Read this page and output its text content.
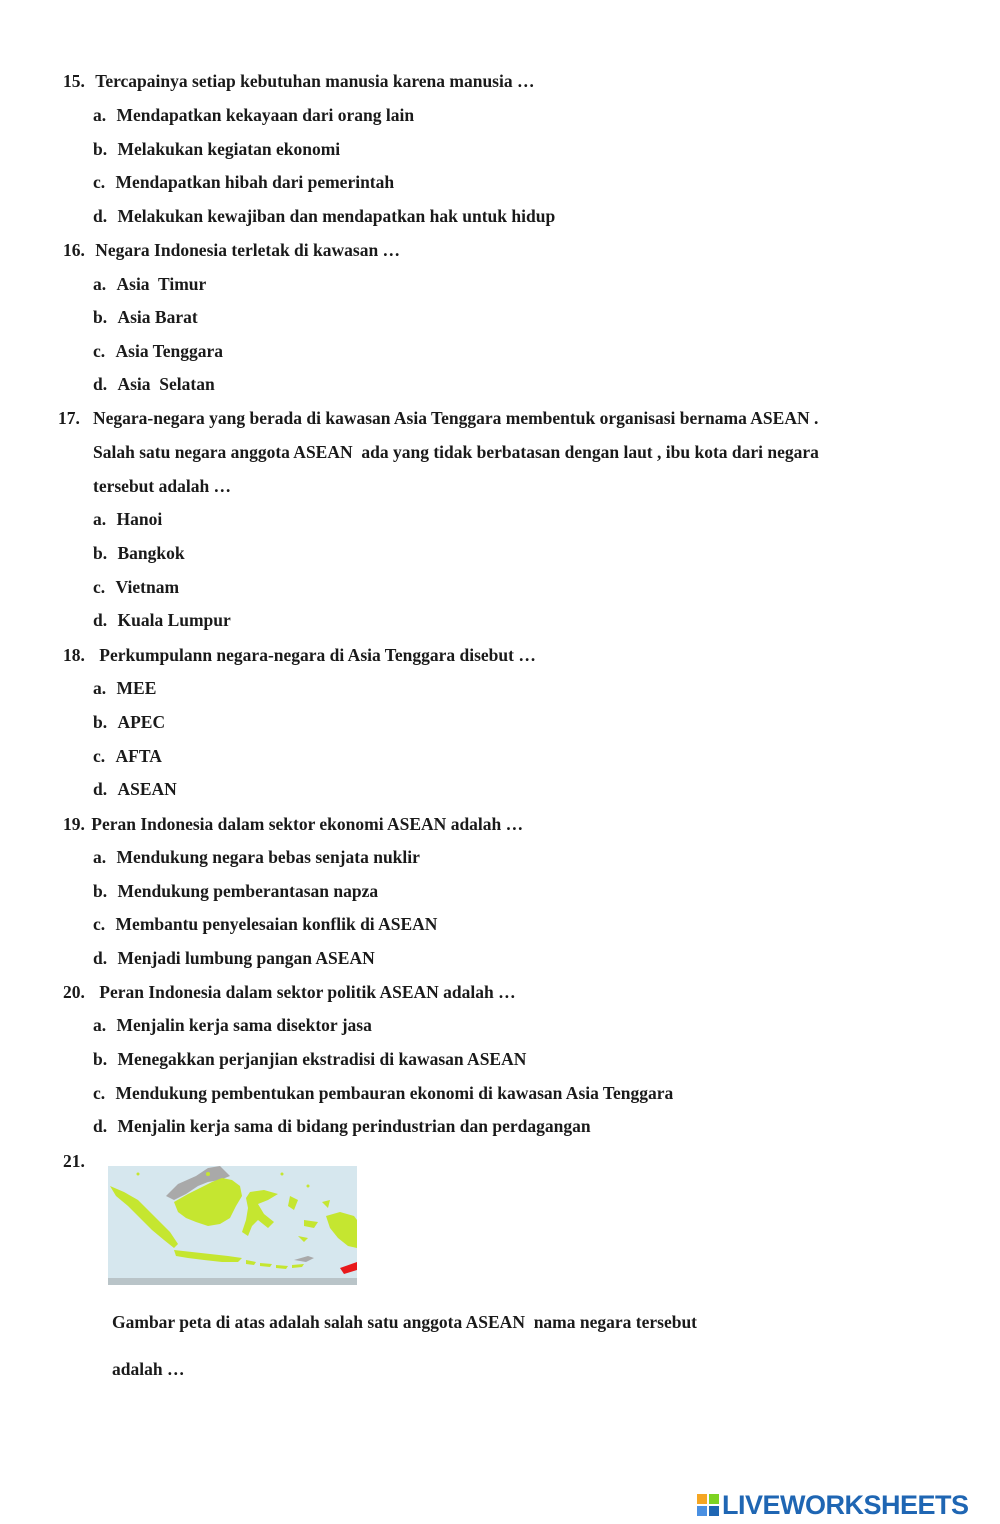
15. Tercapainya setiap kebutuhan manusia karena manusia …
a. Mendapatkan kekayaan dari orang lain
b. Melakukan kegiatan ekonomi
c. Mendapatkan hibah dari pemerintah
d. Melakukan kewajiban dan mendapatkan hak untuk hidup
16. Negara Indonesia terletak di kawasan …
a. Asia  Timur
b. Asia Barat
c. Asia Tenggara
d. Asia  Selatan
17. Negara-negara yang berada di kawasan Asia Tenggara membentuk organisasi bernama ASEAN .
Salah satu negara anggota ASEAN  ada yang tidak berbatasan dengan laut , ibu kota dari negara
tersebut adalah …
a. Hanoi
b. Bangkok
c. Vietnam
d. Kuala Lumpur
18. Perkumpulann negara-negara di Asia Tenggara disebut …
a. MEE
b. APEC
c. AFTA
d. ASEAN
19. Peran Indonesia dalam sektor ekonomi ASEAN adalah …
a. Mendukung negara bebas senjata nuklir
b. Mendukung pemberantasan napza
c. Membantu penyelesaian konflik di ASEAN
d. Menjadi lumbung pangan ASEAN
20. Peran Indonesia dalam sektor politik ASEAN adalah …
a. Menjalin kerja sama disektor jasa
b. Menegakkan perjanjian ekstradisi di kawasan ASEAN
c. Mendukung pembentukan pembauran ekonomi di kawasan Asia Tenggara
d. Menjalin kerja sama di bidang perindustrian dan perdagangan
21.
Gambar peta di atas adalah salah satu anggota ASEAN  nama negara tersebut
adalah …
LIVEWORKSHEETS
